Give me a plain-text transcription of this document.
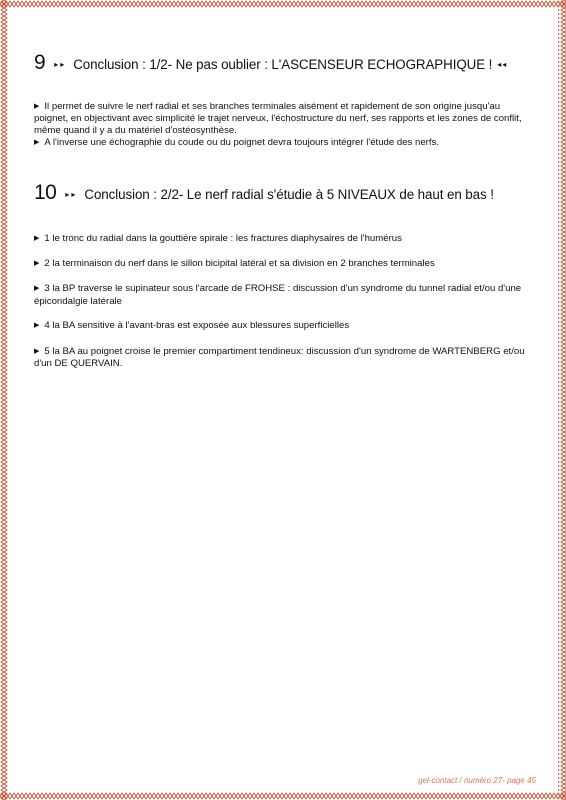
9 ▸▸ Conclusion : 1/2- Ne pas oublier : L'ASCENSEUR ECHOGRAPHIQUE ! ◂◂

▶ Il permet de suivre le nerf radial et ses branches terminales aisément et rapidement de son origine jusqu'au poignet, en objectivant avec simplicité le trajet nerveux, l'échostructure du nerf, ses rapports et les zones de conflit, même quand il y a du matériel d'ostéosynthèse.

▶ A l'inverse une échographie du coude ou du poignet devra toujours intégrer l'étude des nerfs.

10 ▸▸ Conclusion : 2/2- Le nerf radial s'étudie à 5 NIVEAUX de haut en bas !

▶ 1 le tronc du radial dans la gouttière spirale : les fractures diaphysaires de l'humérus

▶ 2 la terminaison du nerf dans le sillon bicipital latéral et sa division en 2 branches terminales

▶ 3 la BP traverse le supinateur sous l'arcade de FROHSE : discussion d'un syndrome du tunnel radial et/ou d'une épicondalgie latérale

▶ 4 la BA sensitive à l'avant-bras est exposée aux blessures superficielles

▶ 5 la BA au poignet croise le premier compartiment tendineux: discussion d'un syndrome de WARTENBERG et/ou d'un DE QUERVAIN.

gel-contact / numéro 27- page 45
